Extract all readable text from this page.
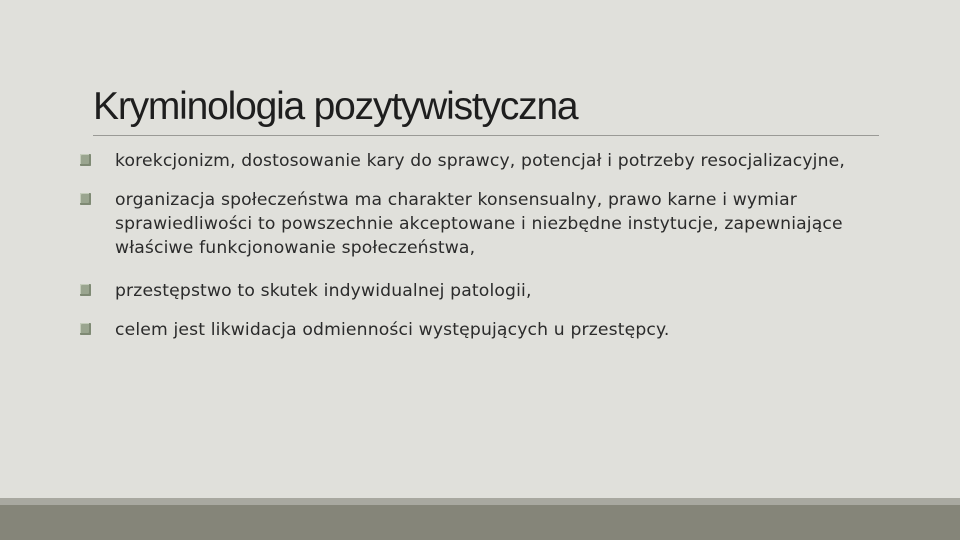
Kryminologia pozytywistyczna
korekcjonizm, dostosowanie kary do sprawcy, potencjał i potrzeby resocjalizacyjne,
organizacja społeczeństwa ma charakter konsensualny, prawo karne i wymiar sprawiedliwości to powszechnie akceptowane i niezbędne instytucje, zapewniające właściwe funkcjonowanie społeczeństwa,
przestępstwo to skutek indywidualnej patologii,
celem jest likwidacja odmienności występujących u przestępcy.
